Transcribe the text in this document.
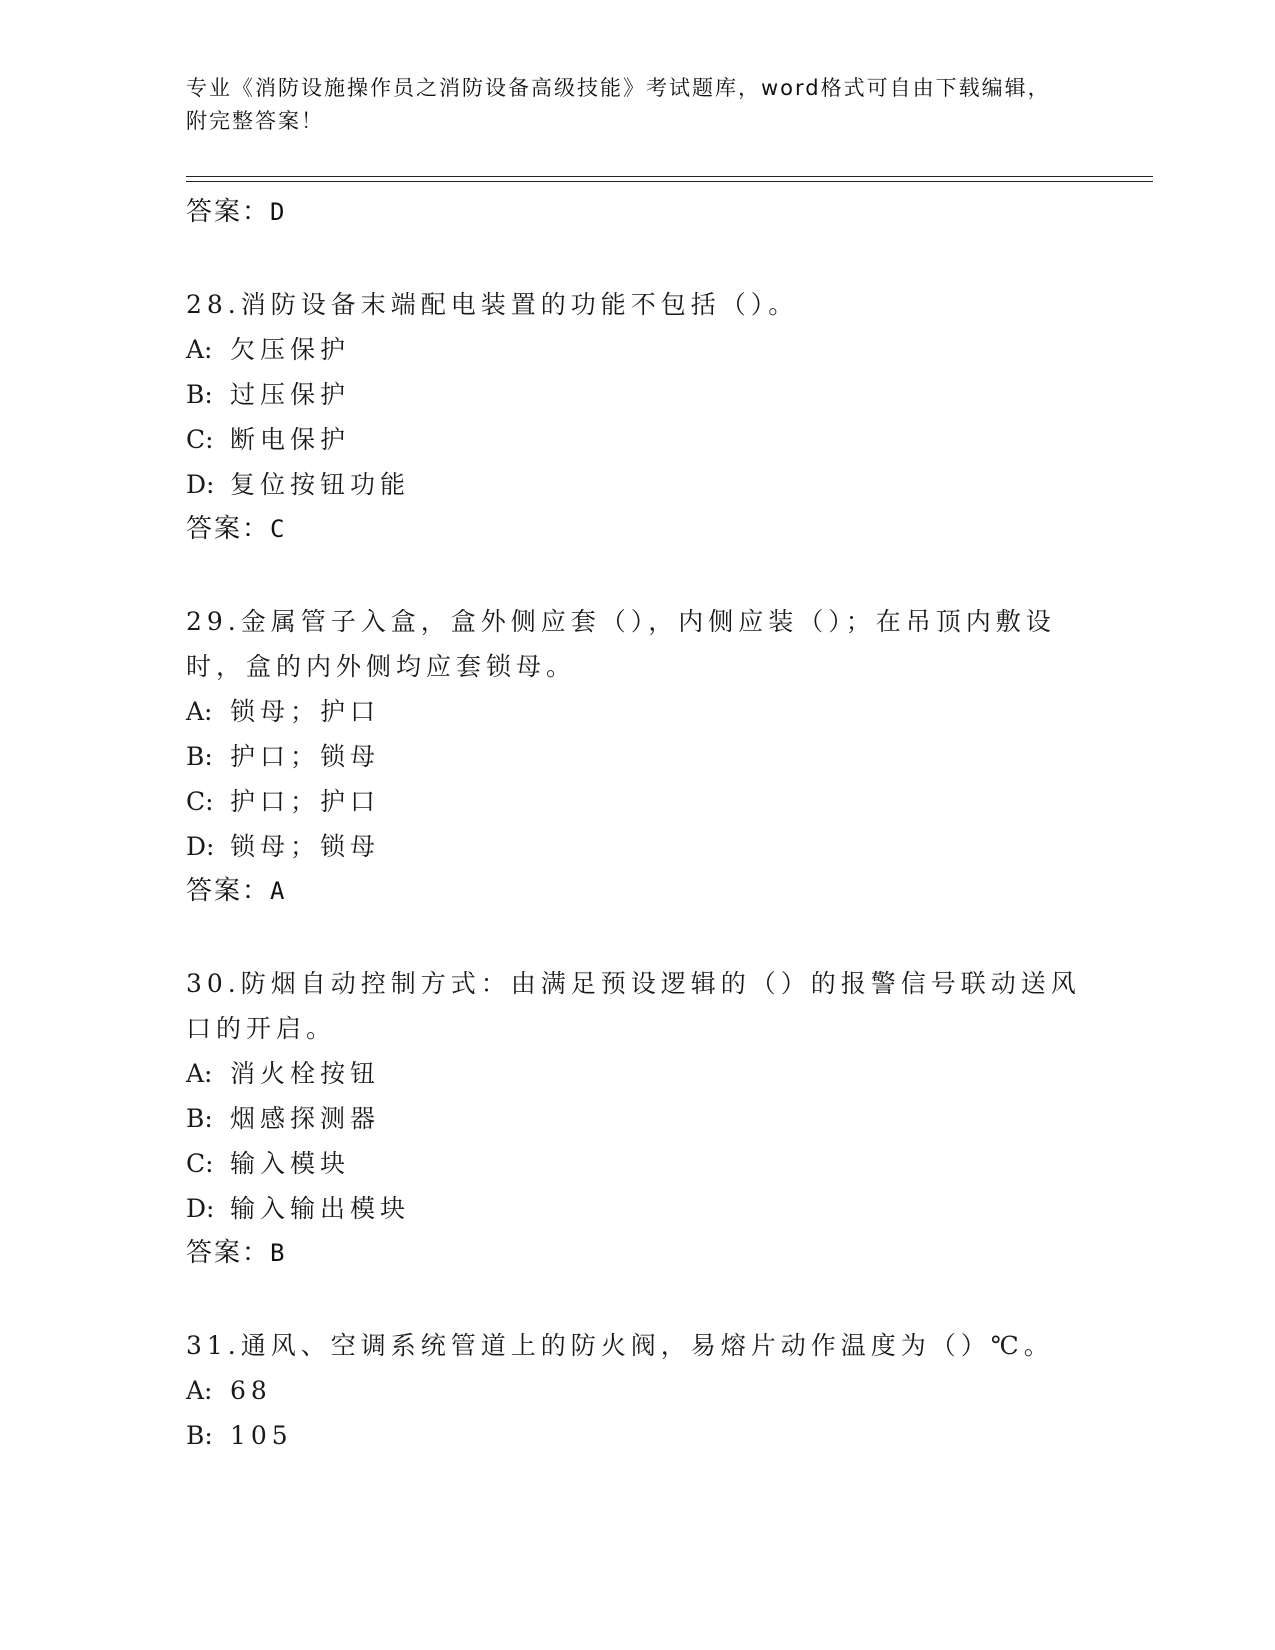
专业《消防设施操作员之消防设备高级技能》考试题库，word格式可自由下载编辑，附完整答案！
答案：D
28.消防设备末端配电装置的功能不包括（）。
A: 欠压保护
B: 过压保护
C: 断电保护
D: 复位按钮功能
答案：C
29.金属管子入盒，盒外侧应套（），内侧应装（）；在吊顶内敷设时，盒的内外侧均应套锁母。
A: 锁母；护口
B: 护口；锁母
C: 护口；护口
D: 锁母；锁母
答案：A
30.防烟自动控制方式：由满足预设逻辑的（）的报警信号联动送风口的开启。
A: 消火栓按钮
B: 烟感探测器
C: 输入模块
D: 输入输出模块
答案：B
31.通风、空调系统管道上的防火阀，易熔片动作温度为（）℃。
A: 68
B: 105
